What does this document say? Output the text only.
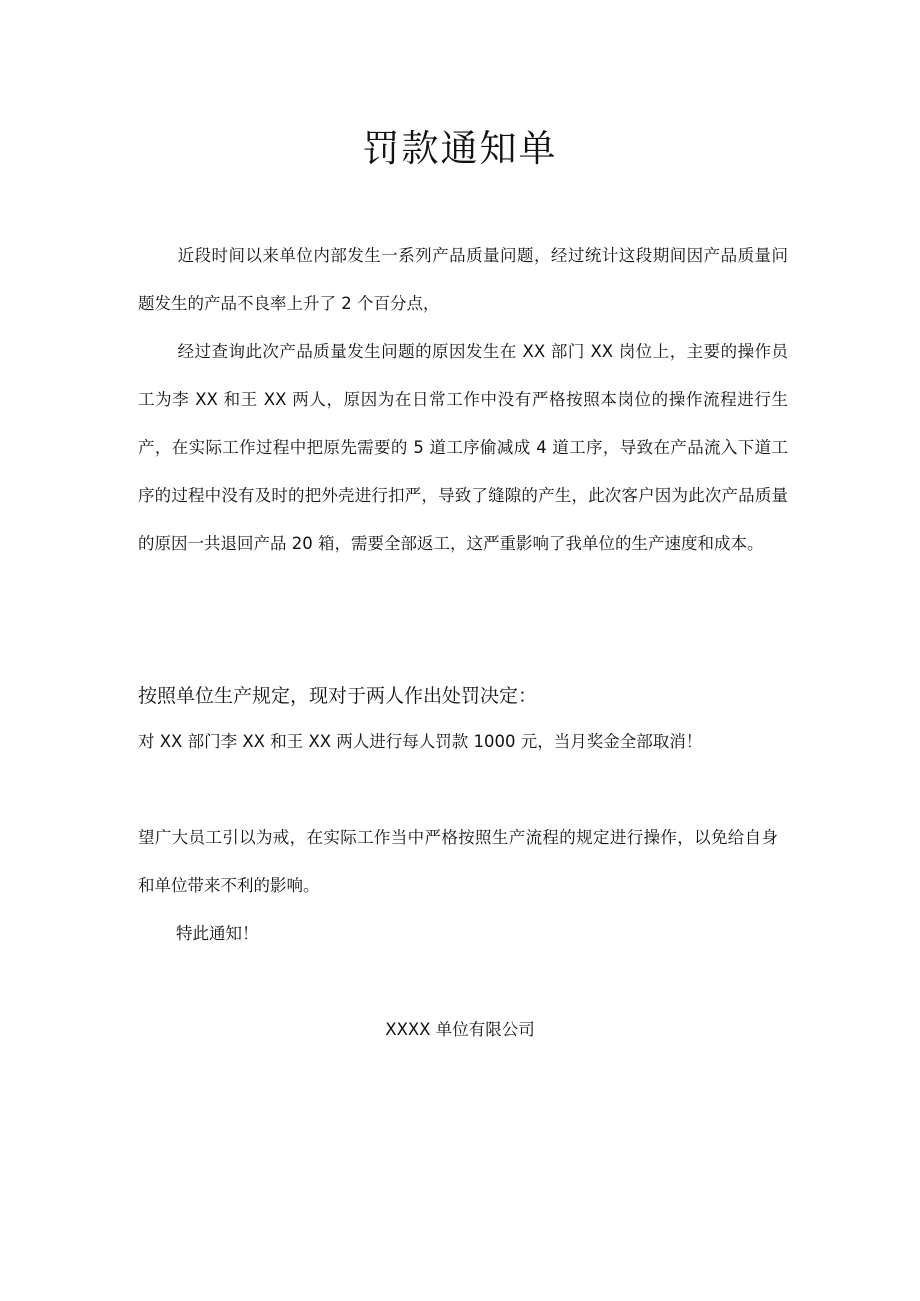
罚款通知单

近段时间以来单位内部发生一系列产品质量问题，经过统计这段期间因产品质量问题发生的产品不良率上升了 2 个百分点，

经过查询此次产品质量发生问题的原因发生在 XX 部门 XX 岗位上，主要的操作员工为李 XX 和王 XX 两人，原因为在日常工作中没有严格按照本岗位的操作流程进行生产，在实际工作过程中把原先需要的 5 道工序偷减成 4 道工序，导致在产品流入下道工序的过程中没有及时的把外壳进行扣严，导致了缝隙的产生，此次客户因为此次产品质量的原因一共退回产品 20 箱，需要全部返工，这严重影响了我单位的生产速度和成本。

按照单位生产规定，现对于两人作出处罚决定：

对 XX 部门李 XX 和王 XX 两人进行每人罚款 1000 元，当月奖金全部取消！

望广大员工引以为戒，在实际工作当中严格按照生产流程的规定进行操作，以免给自身和单位带来不利的影响。

特此通知！

XXXX 单位有限公司
